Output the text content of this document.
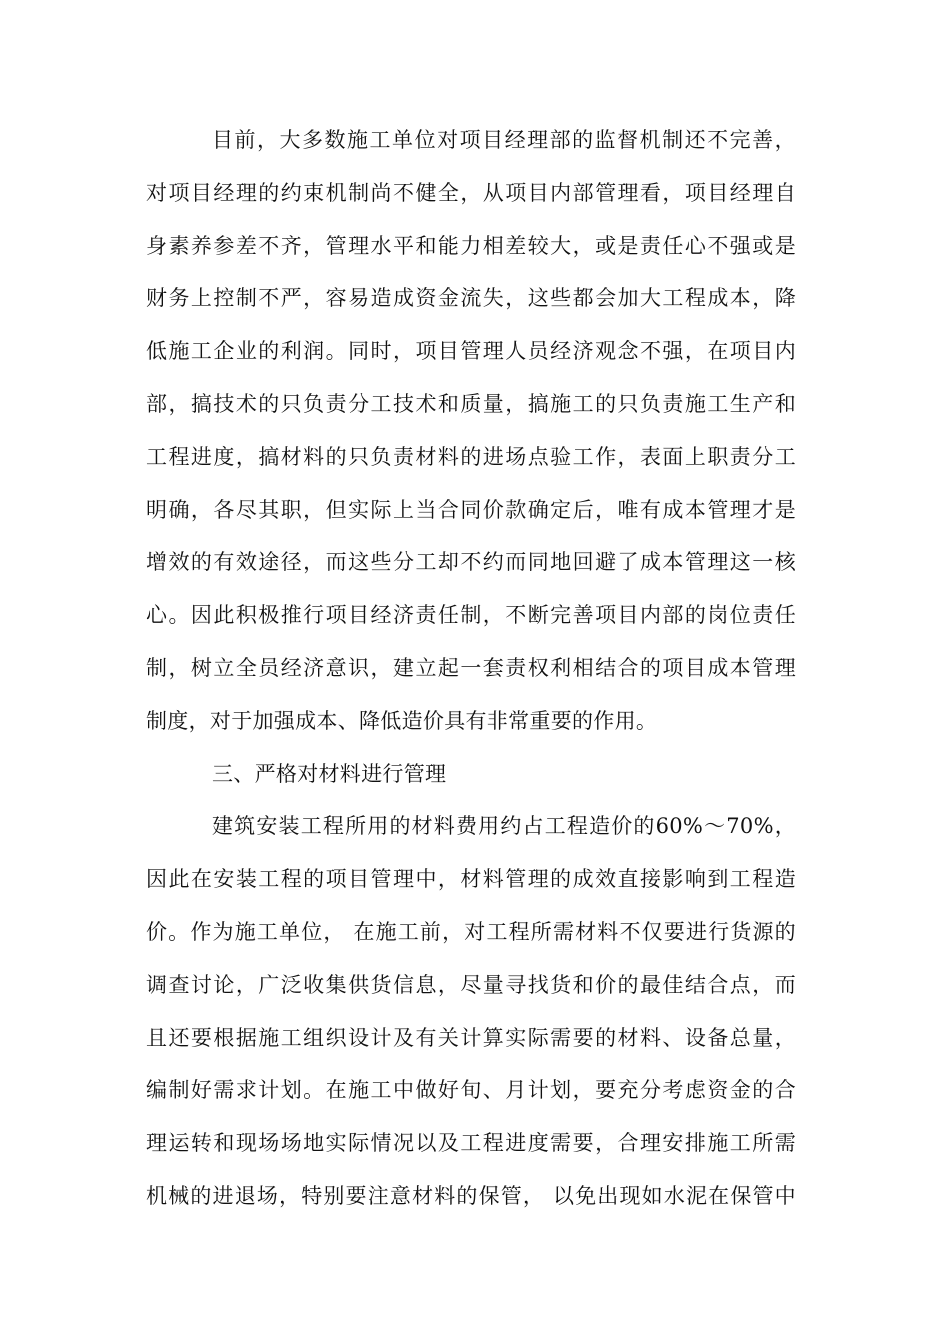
目前，大多数施工单位对项目经理部的监督机制还不完善，
对项目经理的约束机制尚不健全，从项目内部管理看，项目经理自
身素养参差不齐，管理水平和能力相差较大，或是责任心不强或是
财务上控制不严，容易造成资金流失，这些都会加大工程成本，降
低施工企业的利润。同时，项目管理人员经济观念不强，在项目内
部，搞技术的只负责分工技术和质量，搞施工的只负责施工生产和
工程进度，搞材料的只负责材料的进场点验工作，表面上职责分工
明确，各尽其职，但实际上当合同价款确定后，唯有成本管理才是
增效的有效途径，而这些分工却不约而同地回避了成本管理这一核
心。因此积极推行项目经济责任制，不断完善项目内部的岗位责任
制，树立全员经济意识，建立起一套责权利相结合的项目成本管理
制度，对于加强成本、降低造价具有非常重要的作用。
三、严格对材料进行管理
建筑安装工程所用的材料费用约占工程造价的60%～70%，
因此在安装工程的项目管理中，材料管理的成效直接影响到工程造
价。作为施工单位， 在施工前，对工程所需材料不仅要进行货源的
调查讨论，广泛收集供货信息，尽量寻找货和价的最佳结合点，而
且还要根据施工组织设计及有关计算实际需要的材料、设备总量，
编制好需求计划。在施工中做好旬、月计划，要充分考虑资金的合
理运转和现场场地实际情况以及工程进度需要，合理安排施工所需
机械的进退场，特别要注意材料的保管， 以免出现如水泥在保管中
